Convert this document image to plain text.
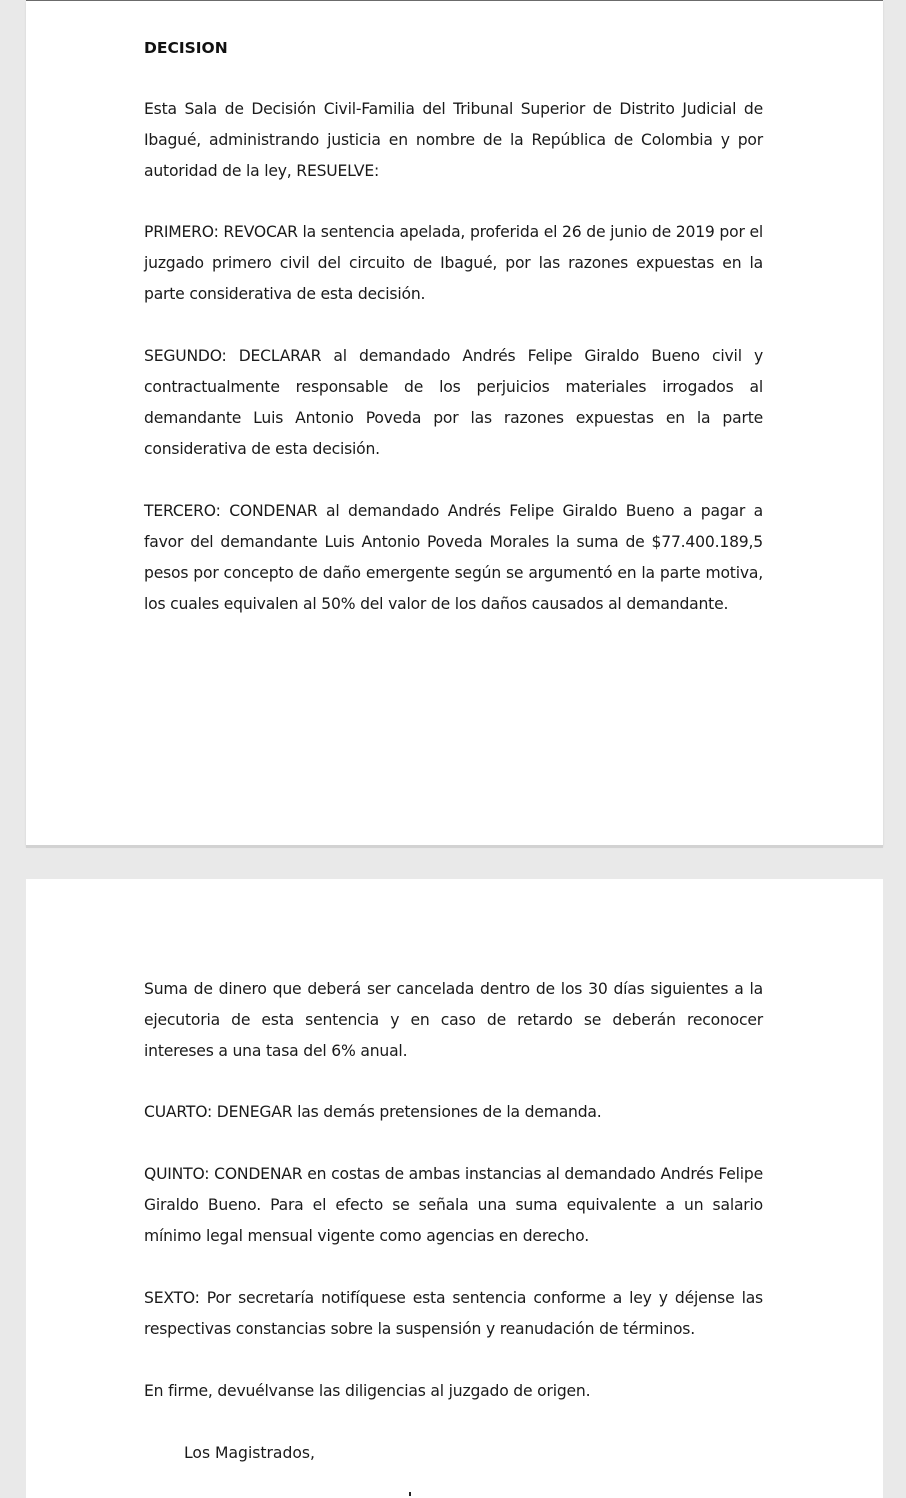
DECISION
Esta Sala de Decisión Civil-Familia del Tribunal Superior de Distrito Judicial de Ibagué, administrando justicia en nombre de la República de Colombia y por autoridad de la ley, RESUELVE:
PRIMERO: REVOCAR la sentencia apelada, proferida el 26 de junio de 2019 por el juzgado primero civil del circuito de Ibagué, por las razones expuestas en la parte considerativa de esta decisión.
SEGUNDO: DECLARAR al demandado Andrés Felipe Giraldo Bueno civil y contractualmente responsable de los perjuicios materiales irrogados al demandante Luis Antonio Poveda por las razones expuestas en la parte considerativa de esta decisión.
TERCERO: CONDENAR al demandado Andrés Felipe Giraldo Bueno a pagar a favor del demandante Luis Antonio Poveda Morales la suma de $77.400.189,5 pesos por concepto de daño emergente según se argumentó en la parte motiva, los cuales equivalen al 50% del valor de los daños causados al demandante.
Suma de dinero que deberá ser cancelada dentro de los 30 días siguientes a la ejecutoria de esta sentencia y en caso de retardo se deberán reconocer intereses a una tasa del 6% anual.
CUARTO: DENEGAR las demás pretensiones de la demanda.
QUINTO: CONDENAR en costas de ambas instancias al demandado Andrés Felipe Giraldo Bueno. Para el efecto se señala una suma equivalente a un salario mínimo legal mensual vigente como agencias en derecho.
SEXTO: Por secretaría notifíquese esta sentencia conforme a ley y déjense las respectivas constancias sobre la suspensión y reanudación de términos.
En firme, devuélvanse las diligencias al juzgado de origen.
Los Magistrados,
